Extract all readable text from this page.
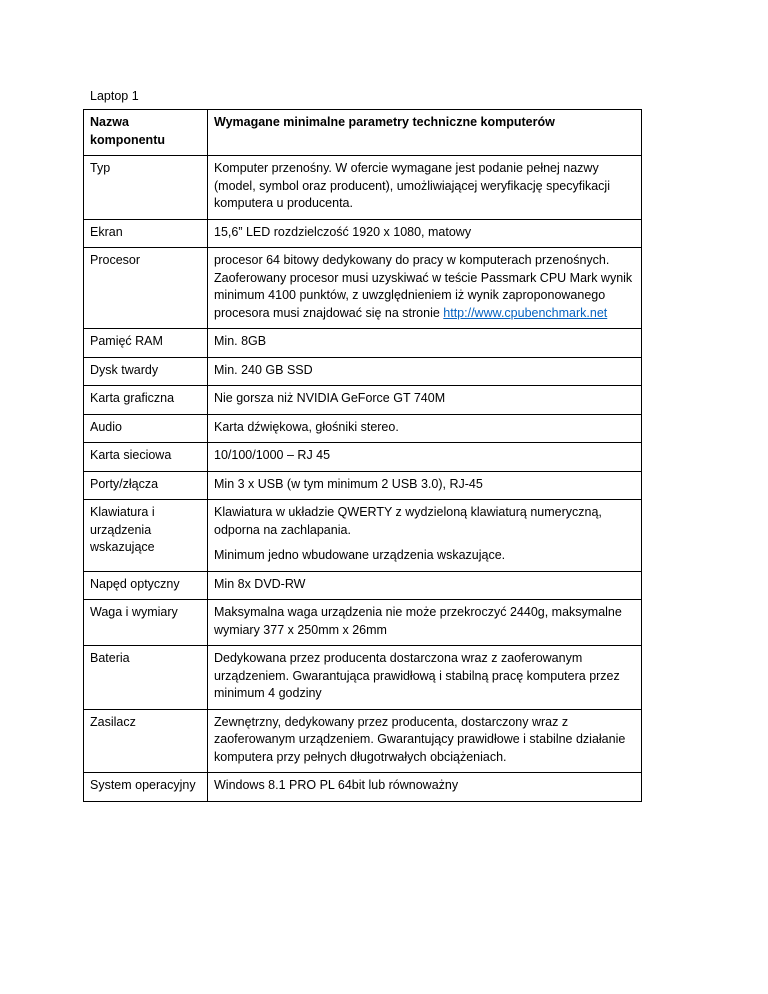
Laptop 1
Nazwa komponentu	Wymagane minimalne parametry techniczne komputerów
Typ	Komputer przenośny. W ofercie wymagane jest podanie pełnej nazwy (model, symbol oraz producent), umożliwiającej weryfikację specyfikacji komputera u producenta.
Ekran	15,6” LED rozdzielczość 1920 x 1080, matowy
Procesor	procesor 64 bitowy dedykowany do pracy w komputerach przenośnych. Zaoferowany procesor musi uzyskiwać w teście Passmark CPU Mark wynik minimum 4100 punktów, z uwzględnieniem iż wynik zaproponowanego procesora musi znajdować się na stronie http://www.cpubenchmark.net
Pamięć RAM	Min. 8GB
Dysk twardy	Min. 240 GB SSD
Karta graficzna	Nie gorsza niż NVIDIA GeForce GT 740M
Audio	Karta dźwiękowa, głośniki stereo.
Karta sieciowa	10/100/1000 – RJ 45
Porty/złącza	Min 3 x USB (w tym minimum 2 USB 3.0), RJ-45
Klawiatura i urządzenia wskazujące	Klawiatura w układzie QWERTY z wydzieloną klawiaturą numeryczną, odporna na zachlapania.
Minimum jedno wbudowane urządzenia wskazujące.

Napęd optyczny	Min 8x DVD-RW
Waga i wymiary	Maksymalna waga urządzenia nie może przekroczyć 2440g, maksymalne wymiary 377 x 250mm x 26mm
Bateria	Dedykowana przez producenta dostarczona wraz z zaoferowanym urządzeniem. Gwarantująca prawidłową i stabilną pracę komputera przez minimum 4 godziny
Zasilacz	Zewnętrzny, dedykowany przez producenta, dostarczony wraz z zaoferowanym urządzeniem. Gwarantujący prawidłowe i stabilne działanie komputera przy pełnych długotrwałych obciążeniach.
System operacyjny	Windows 8.1 PRO PL 64bit lub równoważny
